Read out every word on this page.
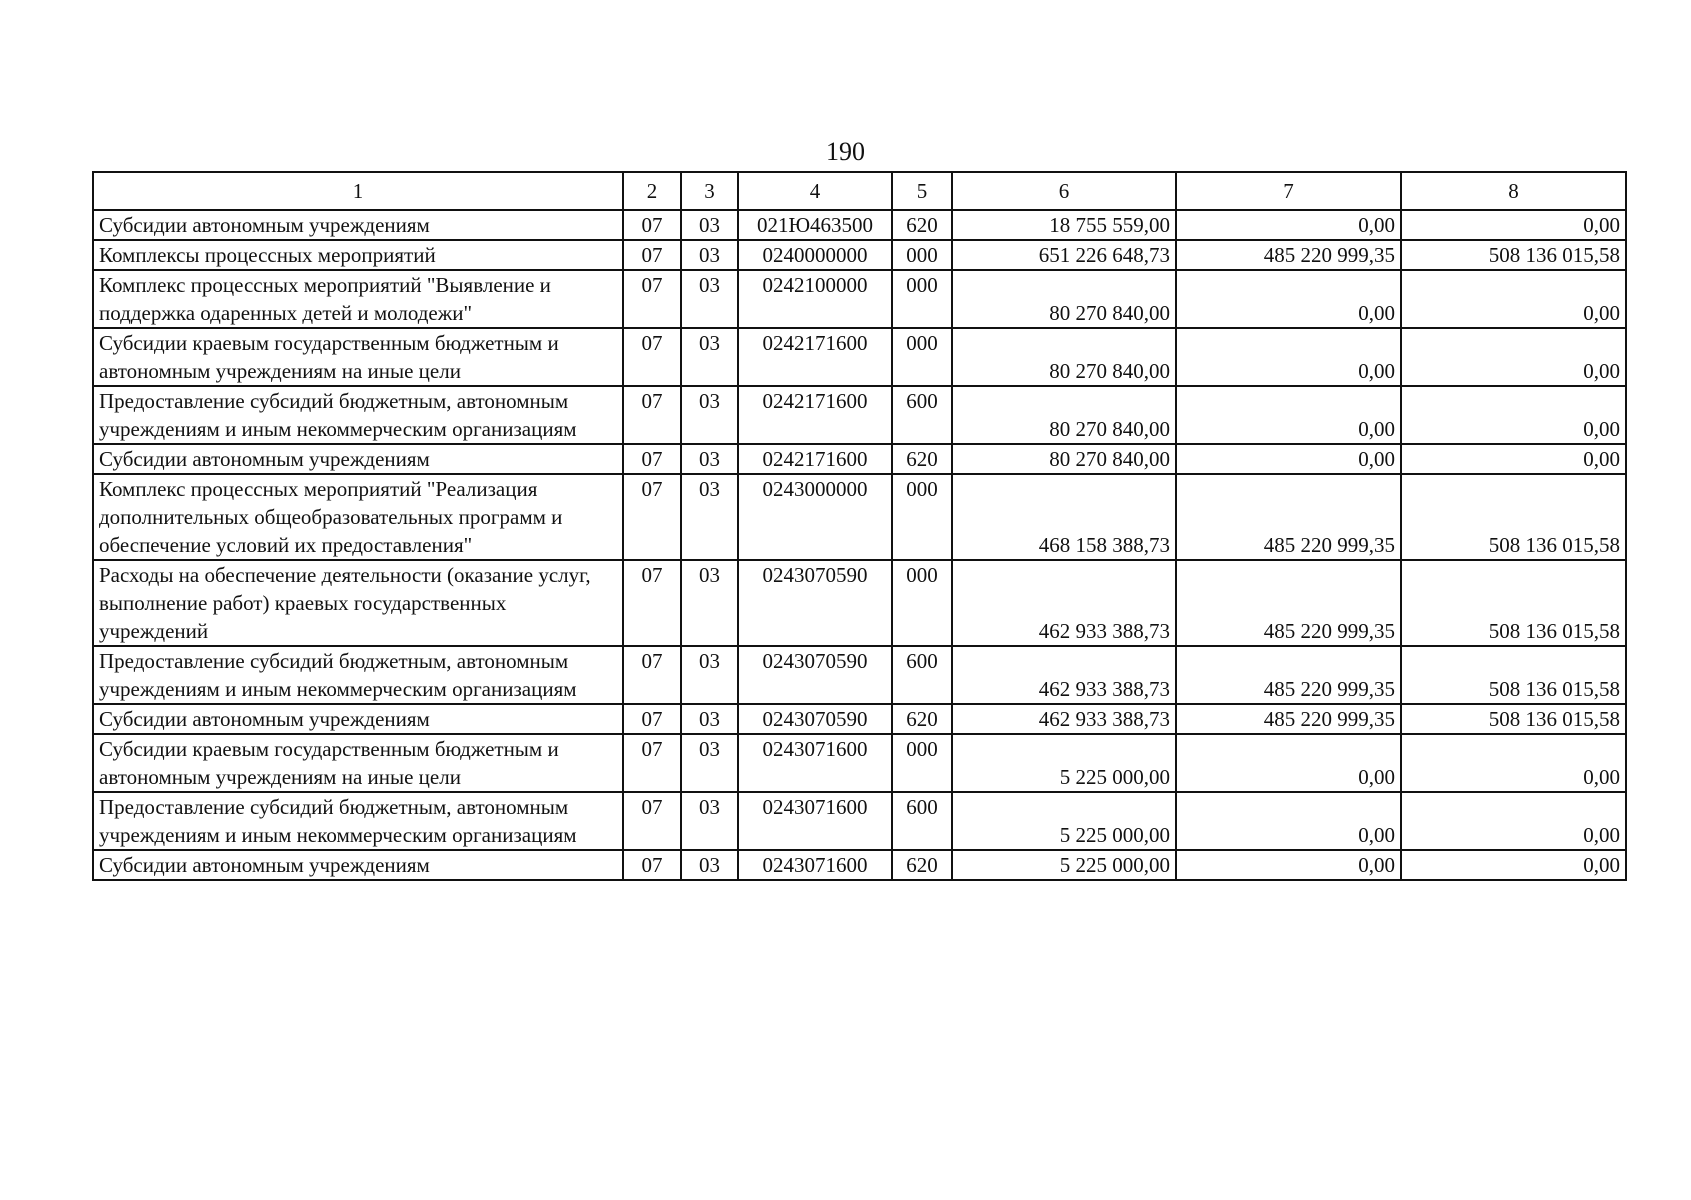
190
1	2	3	4	5	6	7	8
Субсидии автономным учреждениям	07	03	021Ю463500	620	18 755 559,00	0,00	0,00
Комплексы процессных мероприятий	07	03	0240000000	000	651 226 648,73	485 220 999,35	508 136 015,58
Комплекс процессных мероприятий "Выявление и поддержка одаренных детей и молодежи"	07	03	0242100000	000	80 270 840,00	0,00	0,00
Субсидии краевым государственным бюджетным и автономным учреждениям на иные цели	07	03	0242171600	000	80 270 840,00	0,00	0,00
Предоставление субсидий бюджетным, автономным учреждениям и иным некоммерческим организациям	07	03	0242171600	600	80 270 840,00	0,00	0,00
Субсидии автономным учреждениям	07	03	0242171600	620	80 270 840,00	0,00	0,00
Комплекс процессных мероприятий "Реализация дополнительных общеобразовательных программ и обеспечение условий их предоставления"	07	03	0243000000	000	468 158 388,73	485 220 999,35	508 136 015,58
Расходы на обеспечение деятельности (оказание услуг, выполнение работ) краевых государственных учреждений	07	03	0243070590	000	462 933 388,73	485 220 999,35	508 136 015,58
Предоставление субсидий бюджетным, автономным учреждениям и иным некоммерческим организациям	07	03	0243070590	600	462 933 388,73	485 220 999,35	508 136 015,58
Субсидии автономным учреждениям	07	03	0243070590	620	462 933 388,73	485 220 999,35	508 136 015,58
Субсидии краевым государственным бюджетным и автономным учреждениям на иные цели	07	03	0243071600	000	5 225 000,00	0,00	0,00
Предоставление субсидий бюджетным, автономным учреждениям и иным некоммерческим организациям	07	03	0243071600	600	5 225 000,00	0,00	0,00
Субсидии автономным учреждениям	07	03	0243071600	620	5 225 000,00	0,00	0,00
